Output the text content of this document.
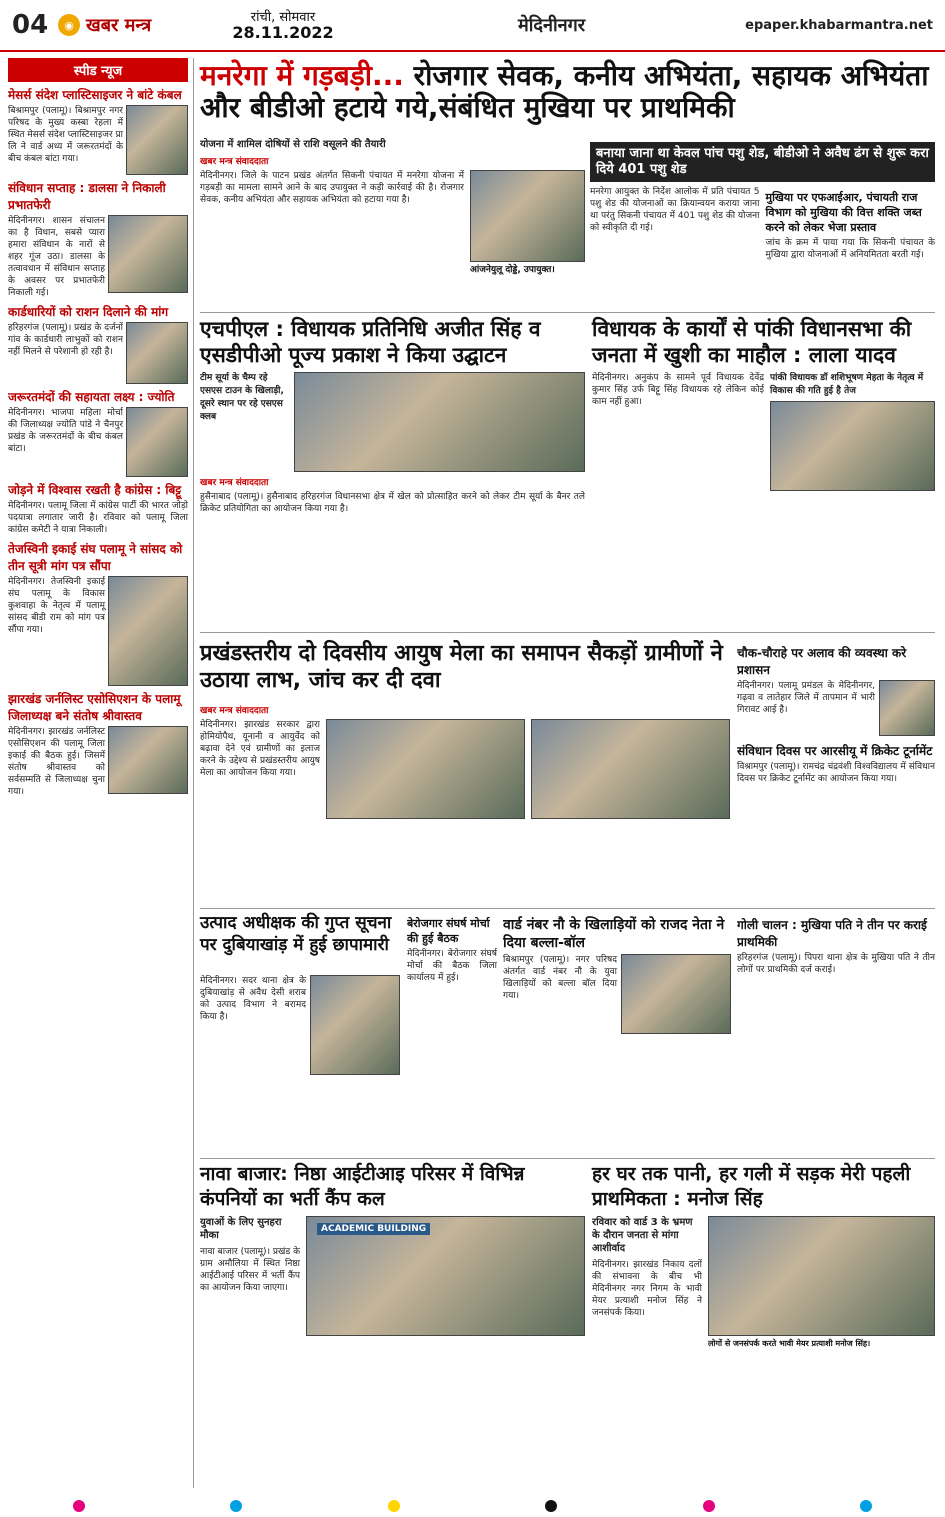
04	◉ खबर मन्त्र	रांची, सोमवार
28.11.2022	मेदिनीनगर	epaper.khabarmantra.net
स्पीड न्यूज
मेसर्स संदेश प्लास्टिसाइजर ने बांटे कंबल
बिश्रामपुर (पलामू)। बिश्रामपुर नगर परिषद के मुख्य कस्बा रेहला में स्थित मेसर्स संदेश प्लास्टिसाइजर प्रा लि ने वार्ड अध्य में जरूरतमंदों के बीच कंबल बांटा गया।
संविधान सप्ताह : डालसा ने निकाली प्रभातफेरी
मेदिनीनगर। शासन संचालन का है विधान, सबसे प्यारा हमारा संविधान के नारों से शहर गूंज उठा। डालसा के तत्वावधान में संविधान सप्ताह के अवसर पर प्रभातफेरी निकाली गई।
कार्डधारियों को राशन दिलाने की मांग
हरिहरगंज (पलामू)। प्रखंड के दर्जनों गांव के कार्डधारी लाभुकों को राशन नहीं मिलने से परेशानी हो रही है।
जरूरतमंदों की सहायता लक्ष्य : ज्योति
मेदिनीनगर। भाजपा महिला मोर्चा की जिलाध्यक्ष ज्योति पांडे ने चैनपुर प्रखंड के जरूरतमंदों के बीच कंबल बांटा।
जोड़ने में विश्वास रखती है कांग्रेस : बिट्टू
मेदिनीनगर। पलामू जिला में कांग्रेस पार्टी की भारत जोड़ो पदयात्रा लगातार जारी है। रविवार को पलामू जिला कांग्रेस कमेटी ने यात्रा निकाली।
तेजस्विनी इकाई संघ पलामू ने सांसद को तीन सूत्री मांग पत्र सौंपा
मेदिनीनगर। तेजस्विनी इकाई संघ पलामू के विकास कुशवाहा के नेतृत्व में पलामू सांसद बीडी राम को मांग पत्र सौंपा गया।
झारखंड जर्नलिस्ट एसोसिएशन के पलामू जिलाध्यक्ष बने संतोष श्रीवास्तव
मेदिनीनगर। झारखंड जर्नलिस्ट एसोसिएशन की पलामू जिला इकाई की बैठक हुई। जिसमें संतोष श्रीवास्तव को सर्वसम्मति से जिलाध्यक्ष चुना गया।
मनरेगा में गड़बड़ी... रोजगार सेवक, कनीय अभियंता, सहायक अभियंता और बीडीओ हटाये गये,संबंधित मुखिया पर प्राथमिकी
योजना में शामिल दोषियों से राशि वसूलने की तैयारी
खबर मन्त्र संवाददाता
मेदिनीनगर। जिले के पाटन प्रखंड अंतर्गत सिकनी पंचायत में मनरेगा योजना में गड़बड़ी का मामला सामने आने के बाद उपायुक्त ने कड़ी कार्रवाई की है। रोजगार सेवक, कनीय अभियंता और सहायक अभियंता को हटाया गया है।
आंजनेयुलू दोड्डे, उपायुक्त।
बनाया जाना था केवल पांच पशु शेड, बीडीओ ने अवैध ढंग से शुरू करा दिये 401 पशु शेड
मनरेगा आयुक्त के निर्देश आलोक में प्रति पंचायत 5 पशु शेड की योजनाओं का क्रियान्वयन कराया जाना था परंतु सिकनी पंचायत में 401 पशु शेड की योजना को स्वीकृति दी गई।
मुखिया पर एफआईआर, पंचायती राज विभाग को मुखिया की वित्त शक्ति जब्त करने को लेकर भेजा प्रस्ताव
जांच के क्रम में पाया गया कि सिकनी पंचायत के मुखिया द्वारा योजनाओं में अनियमितता बरती गई।
एचपीएल : विधायक प्रतिनिधि अजीत सिंह व एसडीपीओ पूज्य प्रकाश ने किया उद्घाटन
टीम सूर्या के चैम्प रहे एसएस टाउन के खिलाड़ी, दूसरे स्थान पर रहे एसएस क्लब
खबर मन्त्र संवाददाता
हुसैनाबाद (पलामू)। हुसैनाबाद हरिहरगंज विधानसभा क्षेत्र में खेल को प्रोत्साहित करने को लेकर टीम सूर्या के बैनर तले क्रिकेट प्रतियोगिता का आयोजन किया गया है।
विधायक के कार्यों से पांकी विधानसभा की जनता में खुशी का माहौल : लाला यादव
मेदिनीनगर। अनुकंप के सामने पूर्व विधायक देवेंद्र कुमार सिंह उर्फ बिट्टू सिंह विधायक रहे लेकिन कोई काम नहीं हुआ।
पांकी विधायक डॉ शशिभूषण मेहता के नेतृत्व में विकास की गति हुई है तेज
प्रखंडस्तरीय दो दिवसीय आयुष मेला का समापन सैकड़ों ग्रामीणों ने उठाया लाभ, जांच कर दी दवा
खबर मन्त्र संवाददाता
मेदिनीनगर। झारखंड सरकार द्वारा होमियोपैथ, यूनानी व आयुर्वेद को बढ़ावा देने एवं ग्रामीणों का इलाज करने के उद्देश्य से प्रखंडस्तरीय आयुष मेला का आयोजन किया गया।
चौक-चौराहे पर अलाव की व्यवस्था करे प्रशासन
मेदिनीनगर। पलामू प्रमंडल के मेदिनीनगर, गढ़वा व लातेहार जिले में तापमान में भारी गिरावट आई है।
संविधान दिवस पर आरसीयू में क्रिकेट टूर्नामेंट
विश्रामपुर (पलामू)। रामचंद्र चंद्रवंशी विश्वविद्यालय में संविधान दिवस पर क्रिकेट टूर्नामेंट का आयोजन किया गया।
उत्पाद अधीक्षक की गुप्त सूचना पर दुबियाखांड़ में हुई छापामारी
मेदिनीनगर। सदर थाना क्षेत्र के दुबियाखांड़ से अवैध देसी शराब को उत्पाद विभाग ने बरामद किया है।
बेरोजगार संघर्ष मोर्चा की हुई बैठक
मेदिनीनगर। बेरोजगार संघर्ष मोर्चा की बैठक जिला कार्यालय में हुई।
वार्ड नंबर नौ के खिलाड़ियों को राजद नेता ने दिया बल्ला-बॉल
बिश्रामपुर (पलामू)। नगर परिषद अंतर्गत वार्ड नंबर नौ के युवा खिलाड़ियों को बल्ला बॉल दिया गया।
गोली चालन : मुखिया पति ने तीन पर कराई प्राथमिकी
हरिहरगंज (पलामू)। पिपरा थाना क्षेत्र के मुखिया पति ने तीन लोगों पर प्राथमिकी दर्ज कराई।
नावा बाजार: निष्ठा आईटीआइ परिसर में विभिन्न कंपनियों का भर्ती कैंप कल
युवाओं के लिए सुनहरा मौका
नावा बाजार (पलामू)। प्रखंड के ग्राम अमौलिया में स्थित निष्ठा आईटीआई परिसर में भर्ती कैंप का आयोजन किया जाएगा।
ACADEMIC BUILDING
हर घर तक पानी, हर गली में सड़क मेरी पहली प्राथमिकता : मनोज सिंह
रविवार को वार्ड 3 के भ्रमण के दौरान जनता से मांगा आशीर्वाद
मेदिनीनगर। झारखंड निकाय दलों की संभावना के बीच भी मेदिनीनगर नगर निगम के भावी मेयर प्रत्याशी मनोज सिंह ने जनसंपर्क किया।
लोगों से जनसंपर्क करते भावी मेयर प्रत्याशी मनोज सिंह।
